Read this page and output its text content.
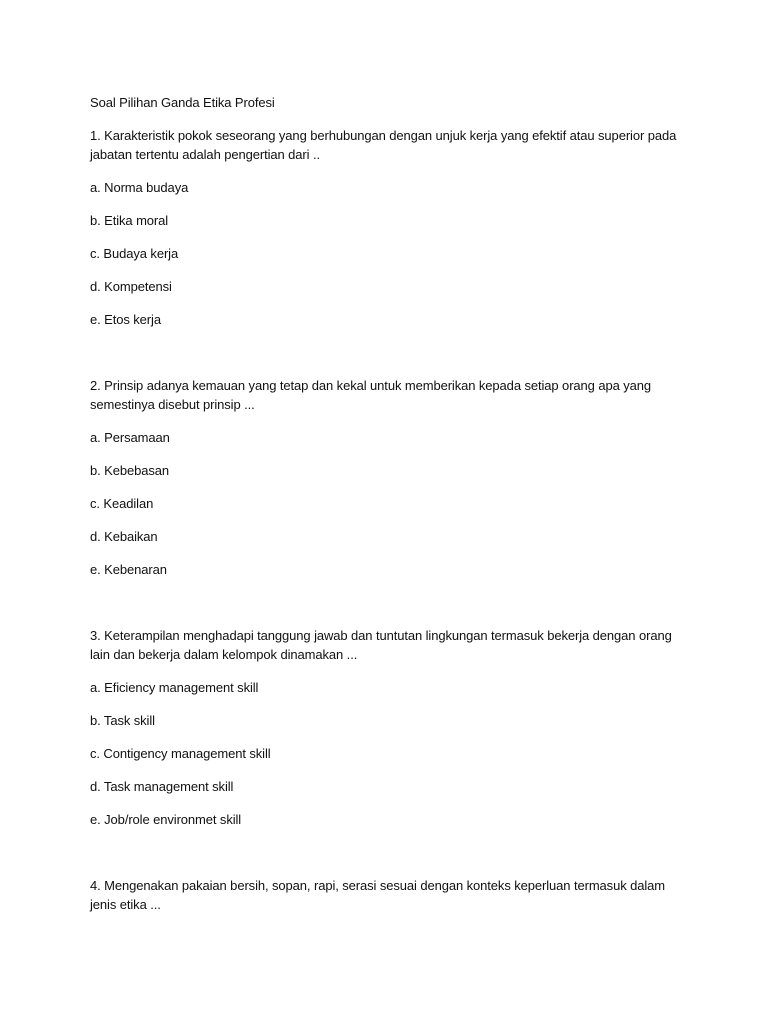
Soal Pilihan Ganda Etika Profesi
1. Karakteristik pokok seseorang yang berhubungan dengan unjuk kerja yang efektif atau superior pada
jabatan tertentu adalah pengertian dari ..
a. Norma budaya
b. Etika moral
c. Budaya kerja
d. Kompetensi
e. Etos kerja
2. Prinsip adanya kemauan yang tetap dan kekal untuk memberikan kepada setiap orang apa yang
semestinya disebut prinsip ...
a. Persamaan
b. Kebebasan
c. Keadilan
d. Kebaikan
e. Kebenaran
3. Keterampilan menghadapi tanggung jawab dan tuntutan lingkungan termasuk bekerja dengan orang
lain dan bekerja dalam kelompok dinamakan ...
a. Eficiency management skill
b. Task skill
c. Contigency management skill
d. Task management skill
e. Job/role environmet skill
4. Mengenakan pakaian bersih, sopan, rapi, serasi sesuai dengan konteks keperluan termasuk dalam
jenis etika ...
